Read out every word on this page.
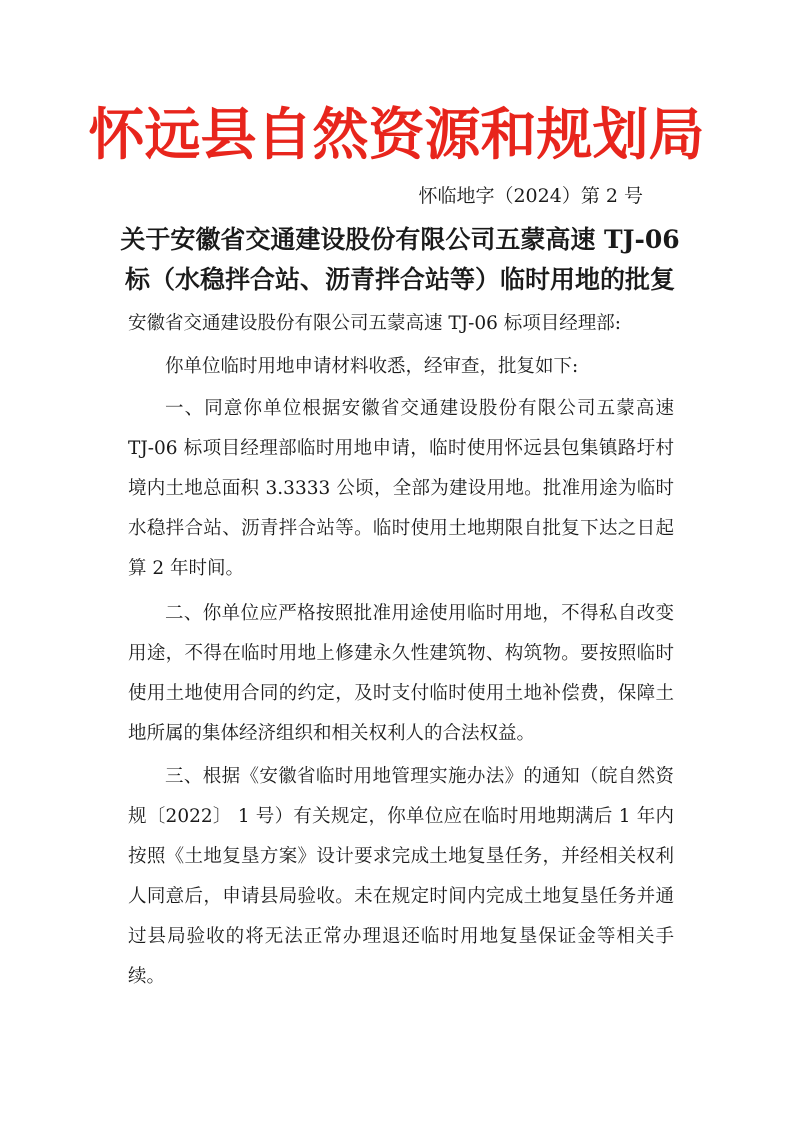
怀远县自然资源和规划局
怀临地字（2024）第 2 号
关于安徽省交通建设股份有限公司五蒙高速 TJ-06
标（水稳拌合站、沥青拌合站等）临时用地的批复
安徽省交通建设股份有限公司五蒙高速 TJ-06 标项目经理部:
你单位临时用地申请材料收悉，经审查，批复如下:
一、同意你单位根据安徽省交通建设股份有限公司五蒙高速 TJ-06 标项目经理部临时用地申请，临时使用怀远县包集镇路圩村境内土地总面积 3.3333 公顷，全部为建设用地。批准用途为临时水稳拌合站、沥青拌合站等。临时使用土地期限自批复下达之日起算 2 年时间。
二、你单位应严格按照批准用途使用临时用地，不得私自改变用途，不得在临时用地上修建永久性建筑物、构筑物。要按照临时使用土地使用合同的约定，及时支付临时使用土地补偿费，保障土地所属的集体经济组织和相关权利人的合法权益。
三、根据《安徽省临时用地管理实施办法》的通知（皖自然资规〔2022〕 1 号）有关规定，你单位应在临时用地期满后 1 年内按照《土地复垦方案》设计要求完成土地复垦任务，并经相关权利人同意后，申请县局验收。未在规定时间内完成土地复垦任务并通过县局验收的将无法正常办理退还临时用地复垦保证金等相关手续。
